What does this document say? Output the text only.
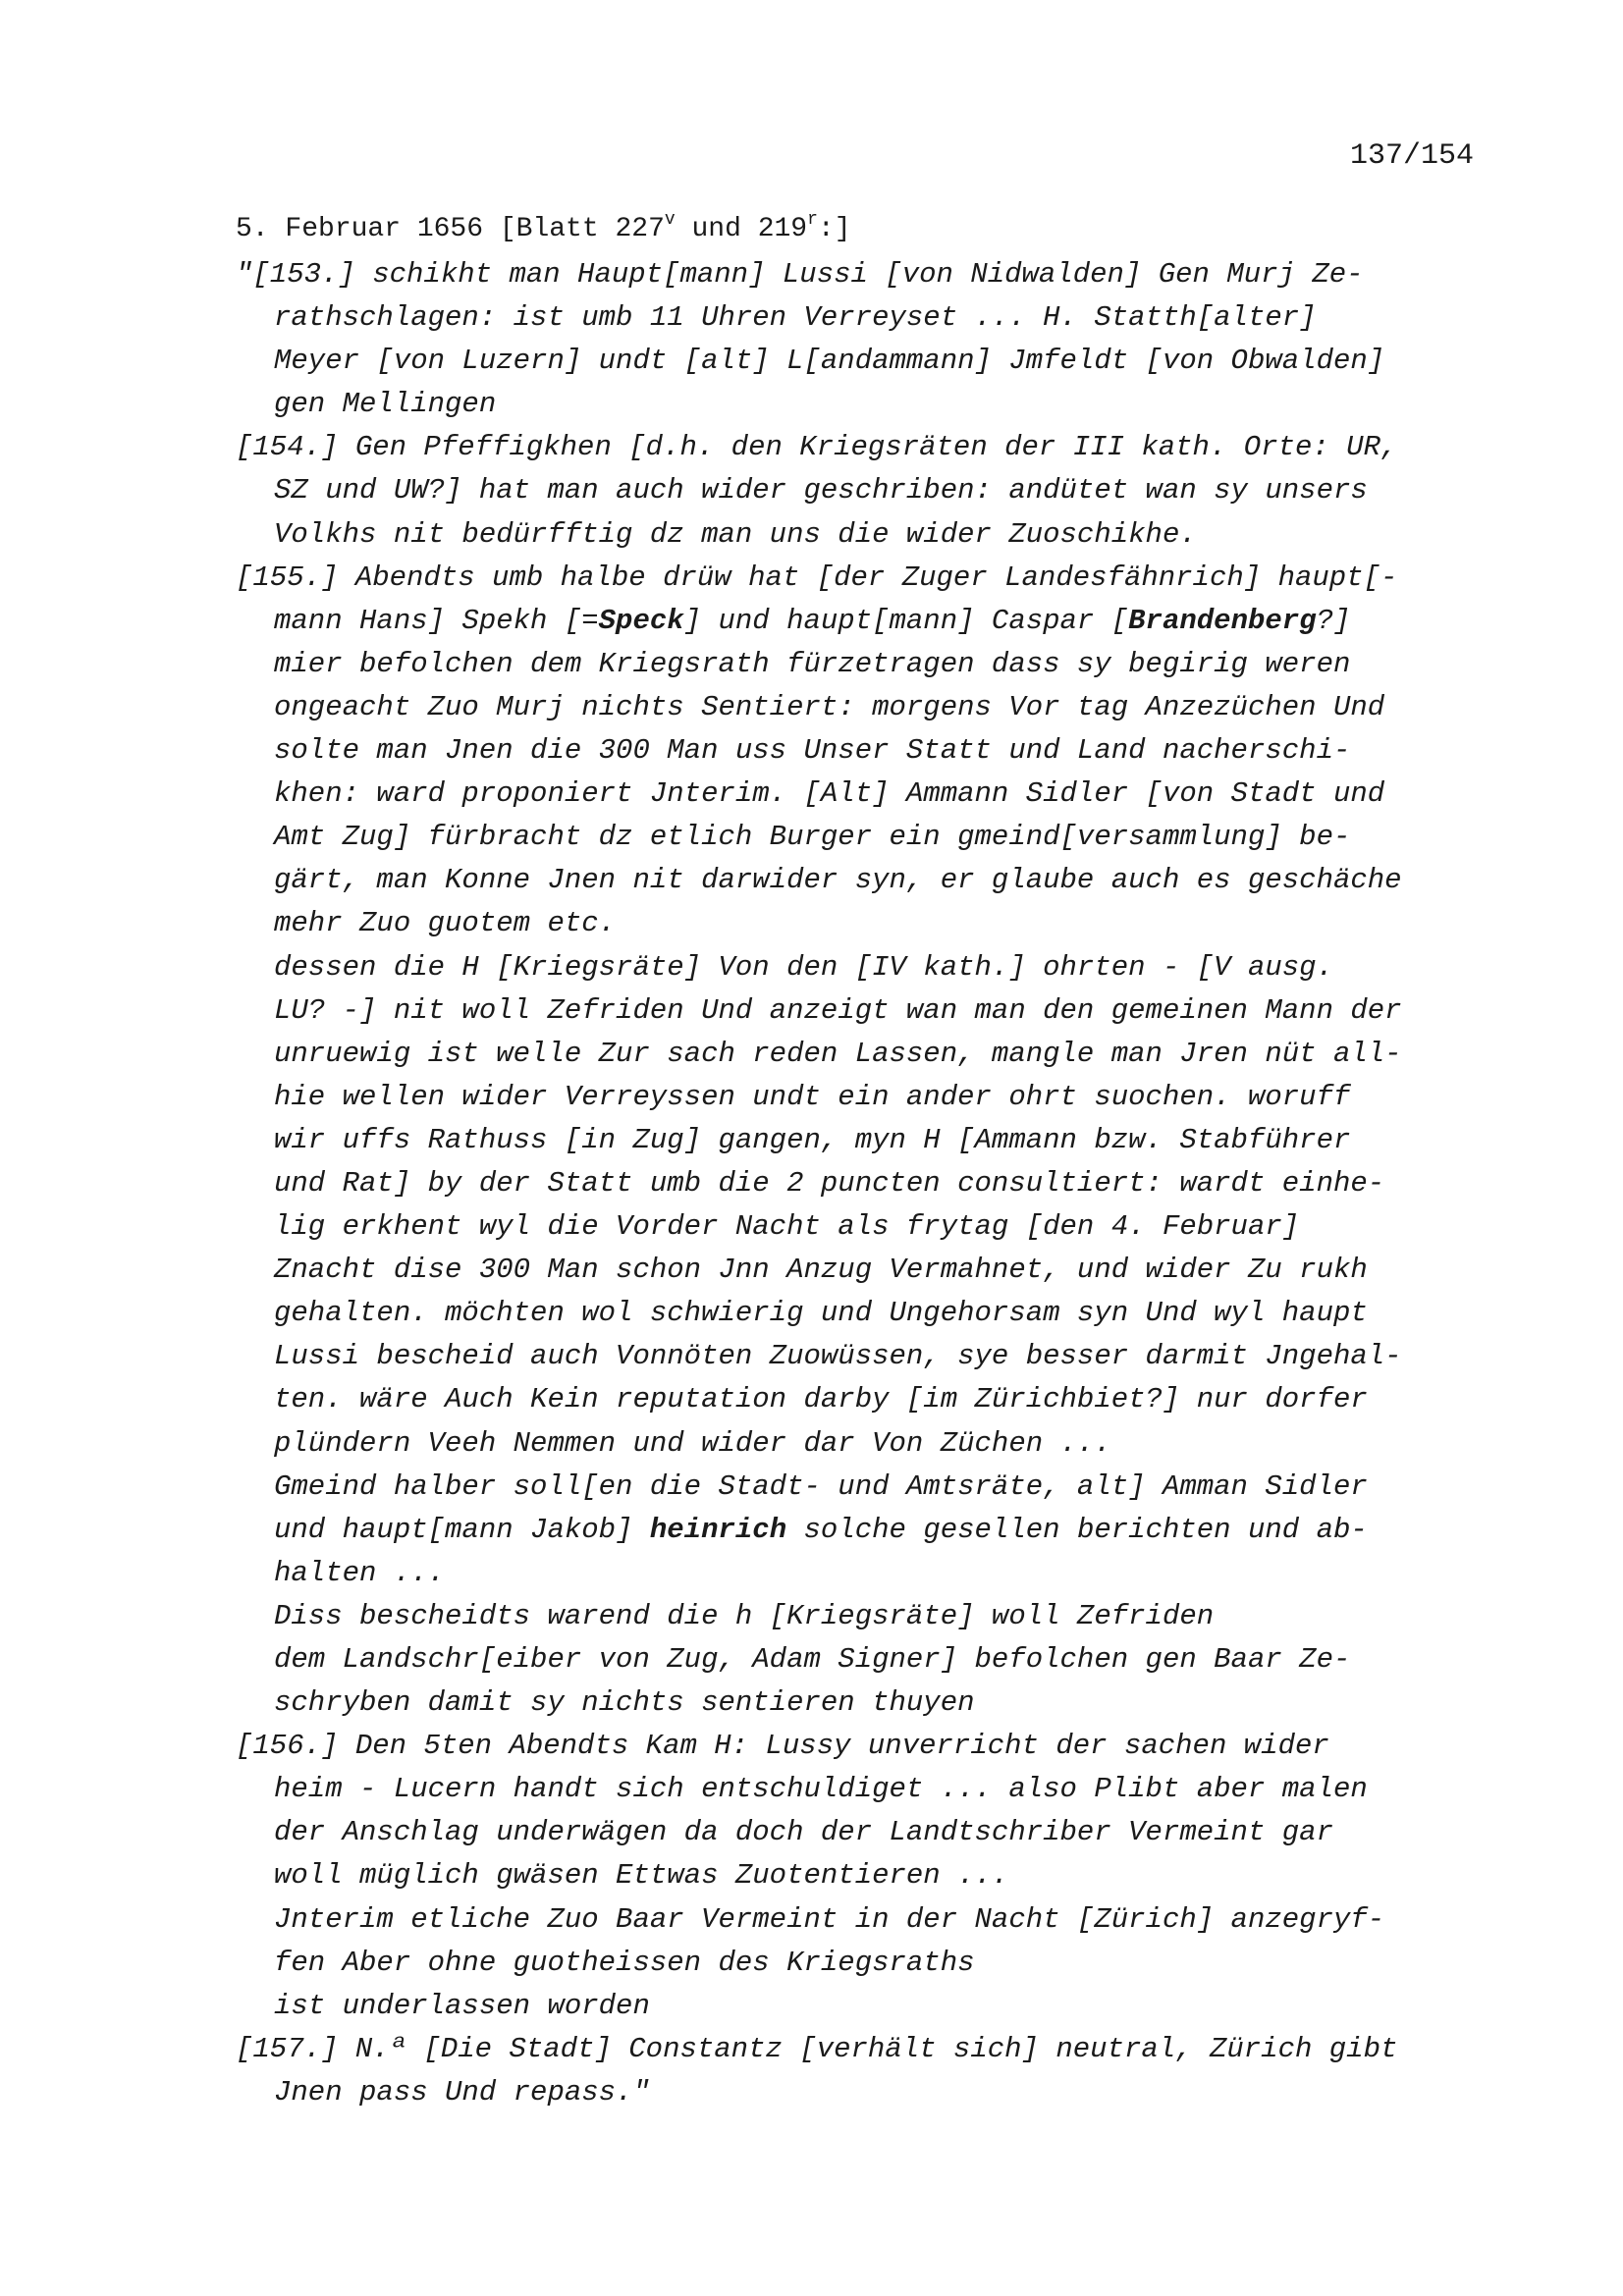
137/154
5. Februar 1656 [Blatt 227$^v$ und 219$^r$:]
"[153.] schikht man Haupt[mann] Lussi [von Nidwalden] Gen Murj Ze-
rathschlagen: ist umb 11 Uhren Verreyset ... H. Statth[alter]
Meyer [von Luzern] undt [alt] L[andammann] Jmfeldt [von Obwalden]
gen Mellingen
[154.] Gen Pfeffigkhen [d.h. den Kriegsräten der III kath. Orte: UR,
SZ und UW?] hat man auch wider geschriben: andütet wan sy unsers
Volkhs nit bedürfftig dz man uns die wider Zuoschikhe.
[155.] Abendts umb halbe drüw hat [der Zuger Landesfähnrich] haupt[-
mann Hans] Spekh [=Speck] und haupt[mann] Caspar [Brandenberg?]
mier befolchen dem Kriegsrath fürzetragen dass sy begirig weren
ongeacht Zuo Murj nichts Sentiert: morgens Vor tag Anzezüchen Und
solte man Jnen die 300 Man uss Unser Statt und Land nacherschi-
khen: ward proponiert Jnterim. [Alt] Ammann Sidler [von Stadt und
Amt Zug] fürbracht dz etlich Burger ein gmeind[versammlung] be-
gärt, man Konne Jnen nit darwider syn, er glaube auch es geschäche
mehr Zuo guotem etc.
dessen die H [Kriegsräte] Von den [IV kath.] ohrten - [V ausg.
LU? -] nit woll Zefriden Und anzeigt wan man den gemeinen Mann der
unruewig ist welle Zur sach reden Lassen, mangle man Jren nüt all-
hie wellen wider Verreyssen undt ein ander ohrt suochen. woruff
wir uffs Rathuss [in Zug] gangen, myn H [Ammann bzw. Stabführer
und Rat] by der Statt umb die 2 puncten consultiert: wardt einhe-
lig erkhent wyl die Vorder Nacht als frytag [den 4. Februar]
Znacht dise 300 Man schon Jnn Anzug Vermahnet, und wider Zu rukh
gehalten. möchten wol schwierig und Ungehorsam syn Und wyl haupt
Lussi bescheid auch Vonnöten Zuowüssen, sye besser darmit Jngehal-
ten. wäre Auch Kein reputation darby [im Zürichbiet?] nur dorfer
plündern Veeh Nemmen und wider dar Von Züchen ...
Gmeind halber soll[en die Stadt- und Amtsräte, alt] Amman Sidler
und haupt[mann Jakob] heinrich solche gesellen berichten und ab-
halten ...
Diss bescheidts warend die h [Kriegsräte] woll Zefriden
dem Landschr[eiber von Zug, Adam Signer] befolchen gen Baar Ze-
schryben damit sy nichts sentieren thuyen
[156.] Den 5ten Abendts Kam H: Lussy unverricht der sachen wider
heim - Lucern handt sich entschuldiget ... also Plibt aber malen
der Anschlag underwägen da doch der Landtschriber Vermeint gar
woll müglich gwäsen Ettwas Zuotentieren ...
Jnterim etliche Zuo Baar Vermeint in der Nacht [Zürich] anzegryf-
fen Aber ohne guotheissen des Kriegsraths
ist underlassen worden
[157.] N.ª [Die Stadt] Constantz [verhält sich] neutral, Zürich gibt
Jnen pass Und repass."
